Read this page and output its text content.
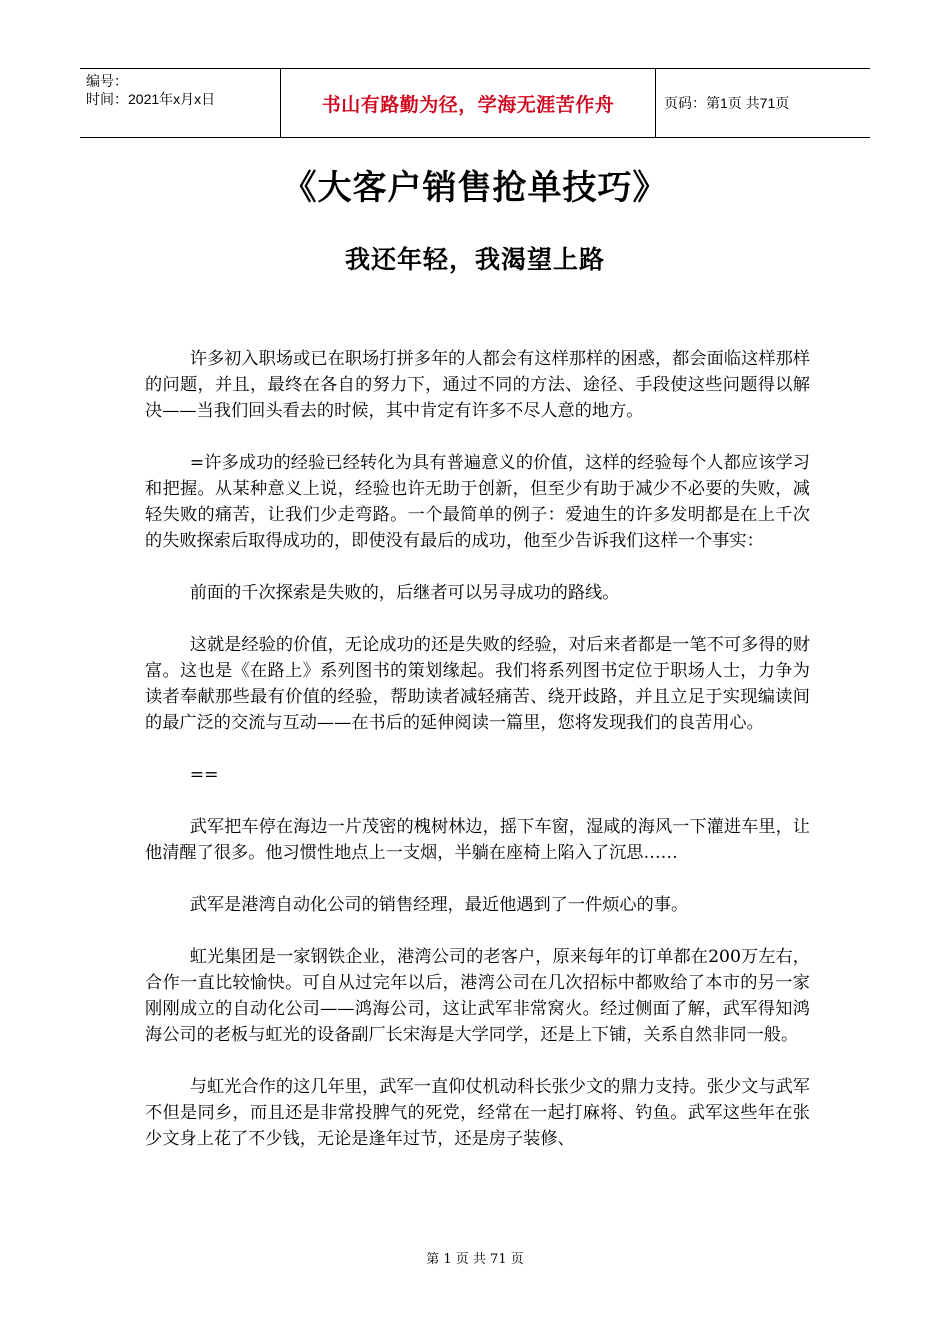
编号：
时间：2021年x月x日	书山有路勤为径，学海无涯苦作舟	页码：第1页 共71页
《大客户销售抢单技巧》
我还年轻，我渴望上路

许多初入职场或已在职场打拼多年的人都会有这样那样的困惑，都会面临这样那样的问题，并且，最终在各自的努力下，通过不同的方法、途径、手段使这些问题得以解决——当我们回头看去的时候，其中肯定有许多不尽人意的地方。

=许多成功的经验已经转化为具有普遍意义的价值，这样的经验每个人都应该学习和把握。从某种意义上说，经验也许无助于创新，但至少有助于减少不必要的失败，减轻失败的痛苦，让我们少走弯路。一个最简单的例子：爱迪生的许多发明都是在上千次的失败探索后取得成功的，即使没有最后的成功，他至少告诉我们这样一个事实：

前面的千次探索是失败的，后继者可以另寻成功的路线。

这就是经验的价值，无论成功的还是失败的经验，对后来者都是一笔不可多得的财富。这也是《在路上》系列图书的策划缘起。我们将系列图书定位于职场人士，力争为读者奉献那些最有价值的经验，帮助读者减轻痛苦、绕开歧路，并且立足于实现编读间的最广泛的交流与互动——在书后的延伸阅读一篇里，您将发现我们的良苦用心。

==

武军把车停在海边一片茂密的槐树林边，摇下车窗，湿咸的海风一下灌进车里，让他清醒了很多。他习惯性地点上一支烟，半躺在座椅上陷入了沉思……

武军是港湾自动化公司的销售经理，最近他遇到了一件烦心的事。

虹光集团是一家钢铁企业，港湾公司的老客户，原来每年的订单都在200万左右，合作一直比较愉快。可自从过完年以后，港湾公司在几次招标中都败给了本市的另一家刚刚成立的自动化公司——鸿海公司，这让武军非常窝火。经过侧面了解，武军得知鸿海公司的老板与虹光的设备副厂长宋海是大学同学，还是上下铺，关系自然非同一般。

与虹光合作的这几年里，武军一直仰仗机动科长张少文的鼎力支持。张少文与武军不但是同乡，而且还是非常投脾气的死党，经常在一起打麻将、钓鱼。武军这些年在张少文身上花了不少钱，无论是逢年过节，还是房子装修、

第 1 页 共 71 页
